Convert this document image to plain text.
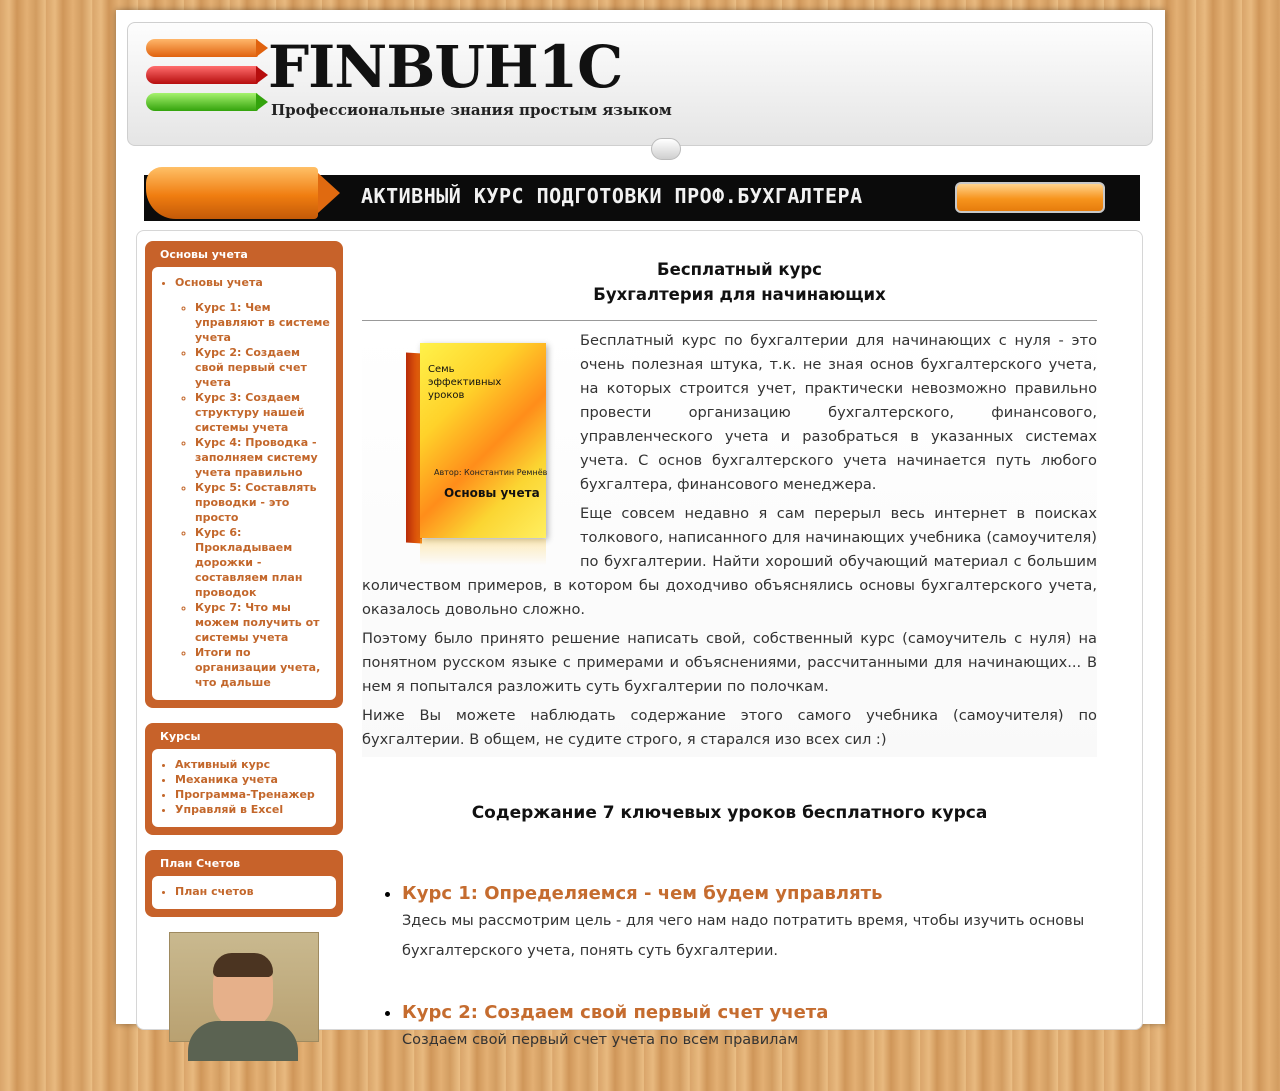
FINBUH1C
Профессиональные знания простым языком
АКТИВНЫЙ КУРС ПОДГОТОВКИ ПРОФ.БУХГАЛТЕРА
Основы учета
• Основы учета
◦ Курс 1: Чем управляют в системе учета
◦ Курс 2: Создаем свой первый счет учета
◦ Курс 3: Создаем структуру нашей системы учета
◦ Курс 4: Проводка - заполняем систему учета правильно
◦ Курс 5: Составлять проводки - это просто
◦ Курс 6: Прокладываем дорожки - составляем план проводок
◦ Курс 7: Что мы можем получить от системы учета
◦ Итоги по организации учета, что дальше
Курсы
• Активный курс
• Механика учета
• Программа-Тренажер
• Управляй в Excel
План Счетов
• План счетов
Бесплатный курс
Бухгалтерия для начинающих
Семь
эффективных
уроков
Автор: Константин Ремнёв
Основы учета

Бесплатный курс по бухгалтерии для начинающих с нуля - это очень полезная штука, т.к. не зная основ бухгалтерского учета, на которых строится учет, практически невозможно правильно провести организацию бухгалтерского, финансового, управленческого учета и разобраться в указанных системах учета. С основ бухгалтерского учета начинается путь любого бухгалтера, финансового менеджера.

Еще совсем недавно я сам перерыл весь интернет в поисках толкового, написанного для начинающих учебника (самоучителя) по бухгалтерии. Найти хороший обучающий материал с большим количеством примеров, в котором бы доходчиво объяснялись основы бухгалтерского учета, оказалось довольно сложно.

Поэтому было принято решение написать свой, собственный курс (самоучитель с нуля) на понятном русском языке с примерами и объяснениями, рассчитанными для начинающих... В нем я попытался разложить суть бухгалтерии по полочкам.

Ниже Вы можете наблюдать содержание этого самого учебника (самоучителя) по бухгалтерии. В общем, не судите строго, я старался изо всех сил :)

Содержание 7 ключевых уроков бесплатного курса
• Курс 1: Определяемся - чем будем управлять
Здесь мы рассмотрим цель - для чего нам надо потратить время, чтобы изучить основы бухгалтерского учета, понять суть бухгалтерии.
• Курс 2: Создаем свой первый счет учета
Создаем свой первый счет учета по всем правилам
